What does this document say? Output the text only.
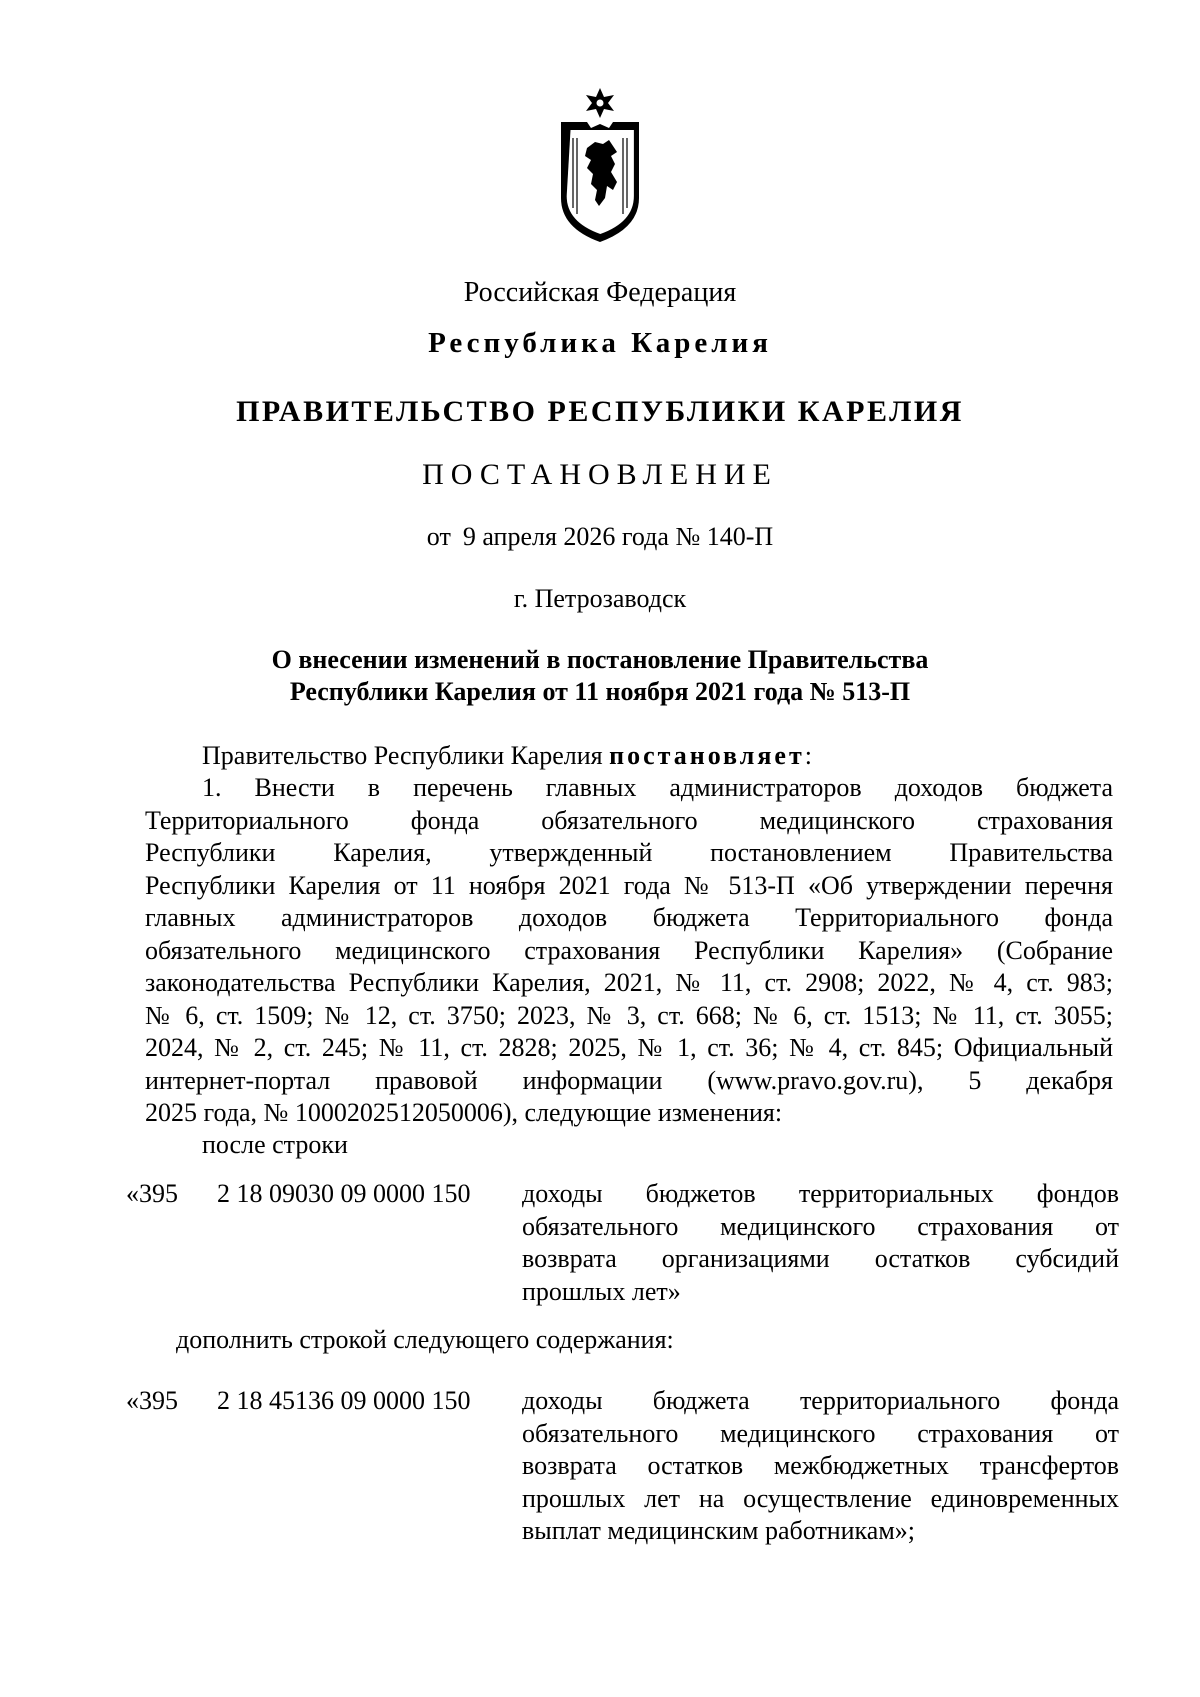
Российская Федерация
Республика Карелия
ПРАВИТЕЛЬСТВО РЕСПУБЛИКИ КАРЕЛИЯ
ПОСТАНОВЛЕНИЕ
от 9 апреля 2026 года № 140-П
г. Петрозаводск
О внесении изменений в постановление Правительства
Республики Карелия от 11 ноября 2021 года № 513-П
Правительство Республики Карелия постановляет:
1. Внести в перечень главных администраторов доходов бюджета
Территориального фонда обязательного медицинского страхования
Республики Карелия, утвержденный постановлением Правительства
Республики Карелия от 11 ноября 2021 года № 513-П «Об утверждении перечня
главных администраторов доходов бюджета Территориального фонда
обязательного медицинского страхования Республики Карелия» (Собрание
законодательства Республики Карелия, 2021, № 11, ст. 2908; 2022, № 4, ст. 983;
№ 6, ст. 1509; № 12, ст. 3750; 2023, № 3, ст. 668; № 6, ст. 1513; № 11, ст. 3055;
2024, № 2, ст. 245; № 11, ст. 2828; 2025, № 1, ст. 36; № 4, ст. 845; Официальный
интернет-портал правовой информации (www.pravo.gov.ru), 5 декабря
2025 года, № 1000202512050006), следующие изменения:
после строки
«395 2 18 09030 09 0000 150 доходы бюджетов территориальных фондов
обязательного медицинского страхования от
возврата организациями остатков субсидий
прошлых лет»
дополнить строкой следующего содержания:
«395 2 18 45136 09 0000 150 доходы бюджета территориального фонда
обязательного медицинского страхования от
возврата остатков межбюджетных трансфертов
прошлых лет на осуществление единовременных
выплат медицинским работникам»;
